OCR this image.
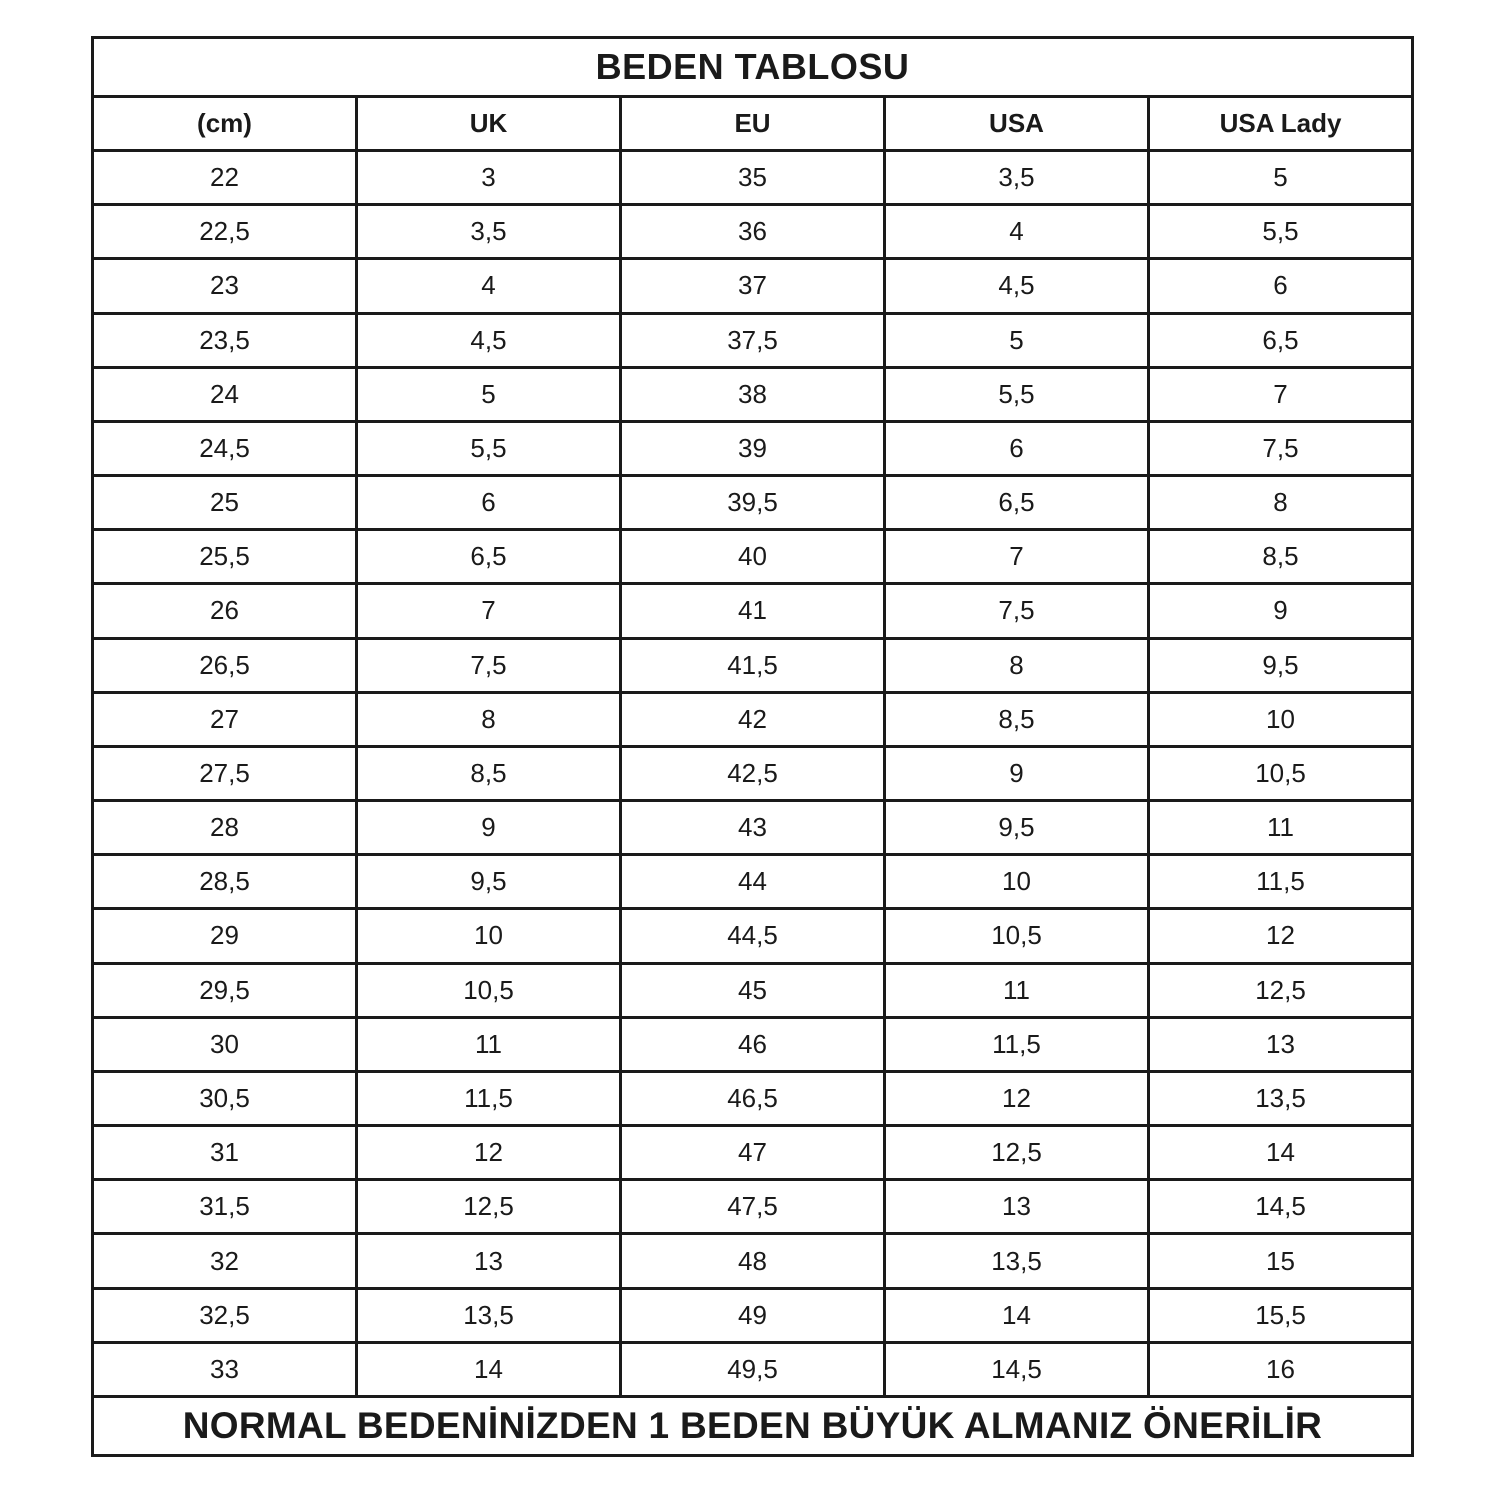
BEDEN TABLOSU				
(cm)	UK	EU	USA	USA Lady
22	3	35	3,5	5
22,5	3,5	36	4	5,5
23	4	37	4,5	6
23,5	4,5	37,5	5	6,5
24	5	38	5,5	7
24,5	5,5	39	6	7,5
25	6	39,5	6,5	8
25,5	6,5	40	7	8,5
26	7	41	7,5	9
26,5	7,5	41,5	8	9,5
27	8	42	8,5	10
27,5	8,5	42,5	9	10,5
28	9	43	9,5	11
28,5	9,5	44	10	11,5
29	10	44,5	10,5	12
29,5	10,5	45	11	12,5
30	11	46	11,5	13
30,5	11,5	46,5	12	13,5
31	12	47	12,5	14
31,5	12,5	47,5	13	14,5
32	13	48	13,5	15
32,5	13,5	49	14	15,5
33	14	49,5	14,5	16
NORMAL BEDENİNİZDEN 1 BEDEN BÜYÜK ALMANIZ ÖNERİLİR				
